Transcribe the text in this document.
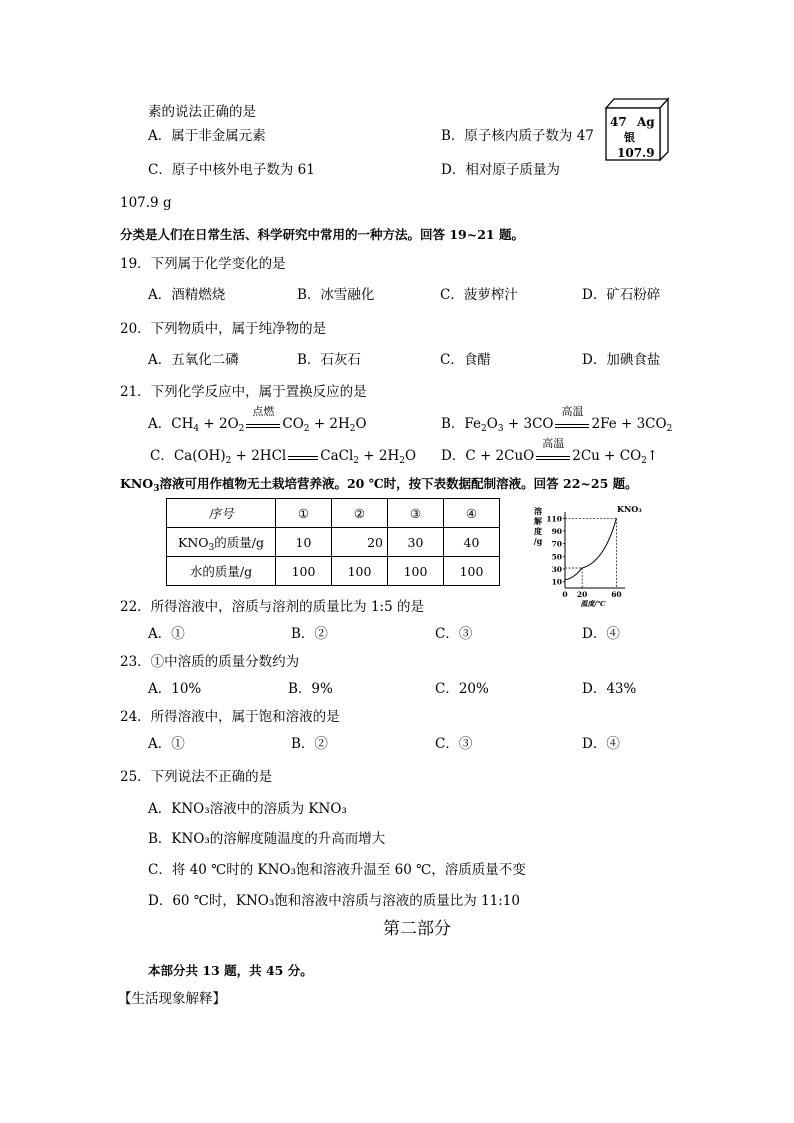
素的说法正确的是
A．属于非金属元素	B．原子核内质子数为 47
C．原子中核外电子数为 61	D．相对原子质量为
107.9 g
47 Ag
银
107.9
分类是人们在日常生活、科学研究中常用的一种方法。回答 19~21 题。
19．下列属于化学变化的是
A．酒精燃烧	B．冰雪融化	C．菠萝榨汁	D．矿石粉碎
20．下列物质中，属于纯净物的是
A．五氧化二磷	B．石灰石	C．食醋	D．加碘食盐
21．下列化学反应中，属于置换反应的是
A．$CH_4 + 2O_2$
点燃
$CO_2 + 2H_2O$	B．$Fe_2O_3 + 3CO$
高温
$2Fe + 3CO_2$
C．$Ca(OH)_2 + 2HCl$	CaCl$_2$ + $2H_2O$ D．C + 2CuO
高温
$2Cu + CO_2↑$
$KNO_3$溶液可用作植物无土栽培营养液。20 ℃时，按下表数据配制溶液。回答 22~25 题。
序号	①	②	③	④
$KNO_3$的质量/g	10	20	30	40
水的质量/g	100	100	100	100
溶
解
度
/g
110
90
70
50
30
10
0 20	60
KNO₃
温度/℃
22．所得溶液中，溶质与溶剂的质量比为 1:5 的是
A．①	B．②	C．③	D．④
23．①中溶质的质量分数约为
A．10%	B．9%	C．20%	D．43%
24．所得溶液中，属于饱和溶液的是
A．①	B．②	C．③	D．④
25．下列说法不正确的是
A．KNO₃溶液中的溶质为 KNO₃
B．KNO₃的溶解度随温度的升高而增大
C．将 40 ℃时的 KNO₃饱和溶液升温至 60 ℃，溶质质量不变
D．60 ℃时，KNO₃饱和溶液中溶质与溶液的质量比为 11:10
第二部分
本部分共 13 题，共 45 分。
【生活现象解释】
